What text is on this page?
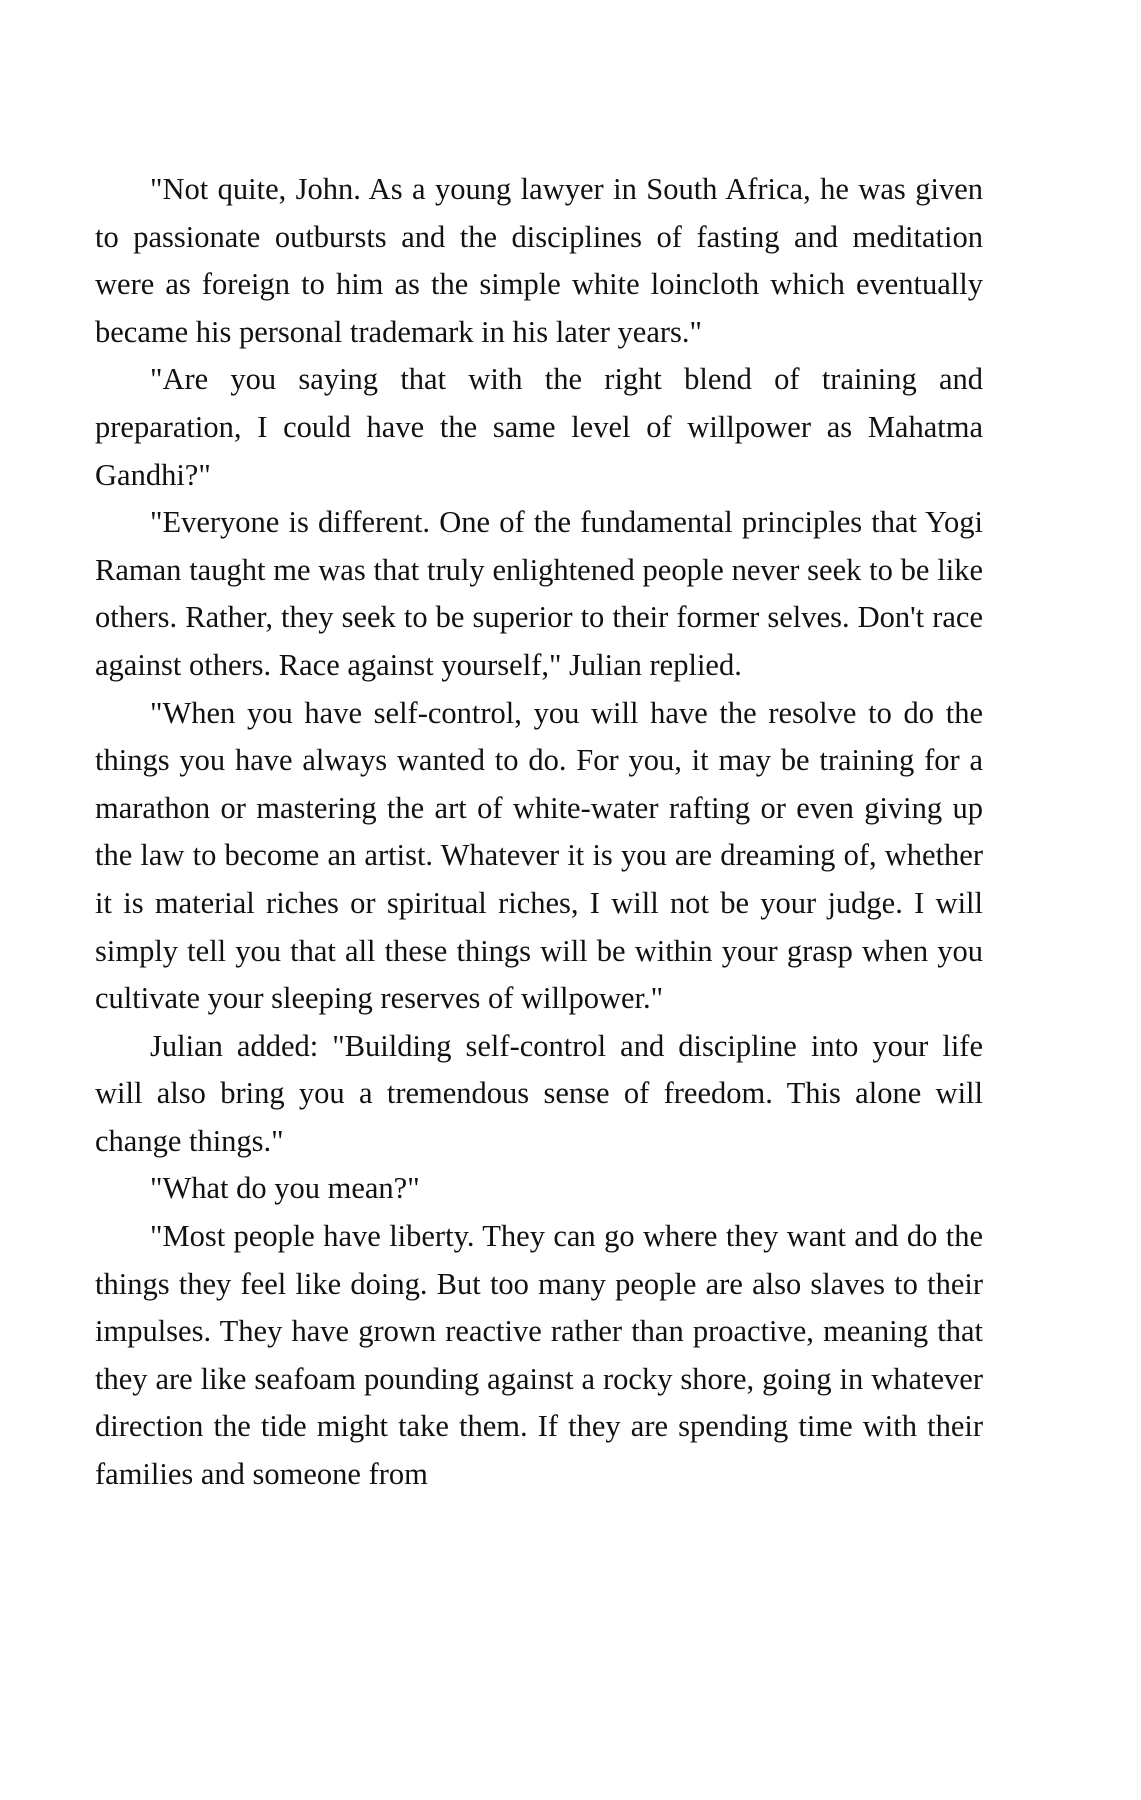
"Not quite, John. As a young lawyer in South Africa, he was given to passionate outbursts and the disciplines of fasting and meditation were as foreign to him as the simple white loincloth which eventually became his personal trademark in his later years."

"Are you saying that with the right blend of training and preparation, I could have the same level of willpower as Mahatma Gandhi?"

"Everyone is different. One of the fundamental principles that Yogi Raman taught me was that truly enlightened people never seek to be like others. Rather, they seek to be superior to their former selves. Don't race against others. Race against yourself," Julian replied.

"When you have self-control, you will have the resolve to do the things you have always wanted to do. For you, it may be training for a marathon or mastering the art of white-water rafting or even giving up the law to become an artist. Whatever it is you are dreaming of, whether it is material riches or spiritual riches, I will not be your judge. I will simply tell you that all these things will be within your grasp when you cultivate your sleeping reserves of willpower."

Julian added: "Building self-control and discipline into your life will also bring you a tremendous sense of freedom. This alone will change things."

"What do you mean?"

"Most people have liberty. They can go where they want and do the things they feel like doing. But too many people are also slaves to their impulses. They have grown reactive rather than proactive, meaning that they are like seafoam pounding against a rocky shore, going in whatever direction the tide might take them. If they are spending time with their families and someone from
